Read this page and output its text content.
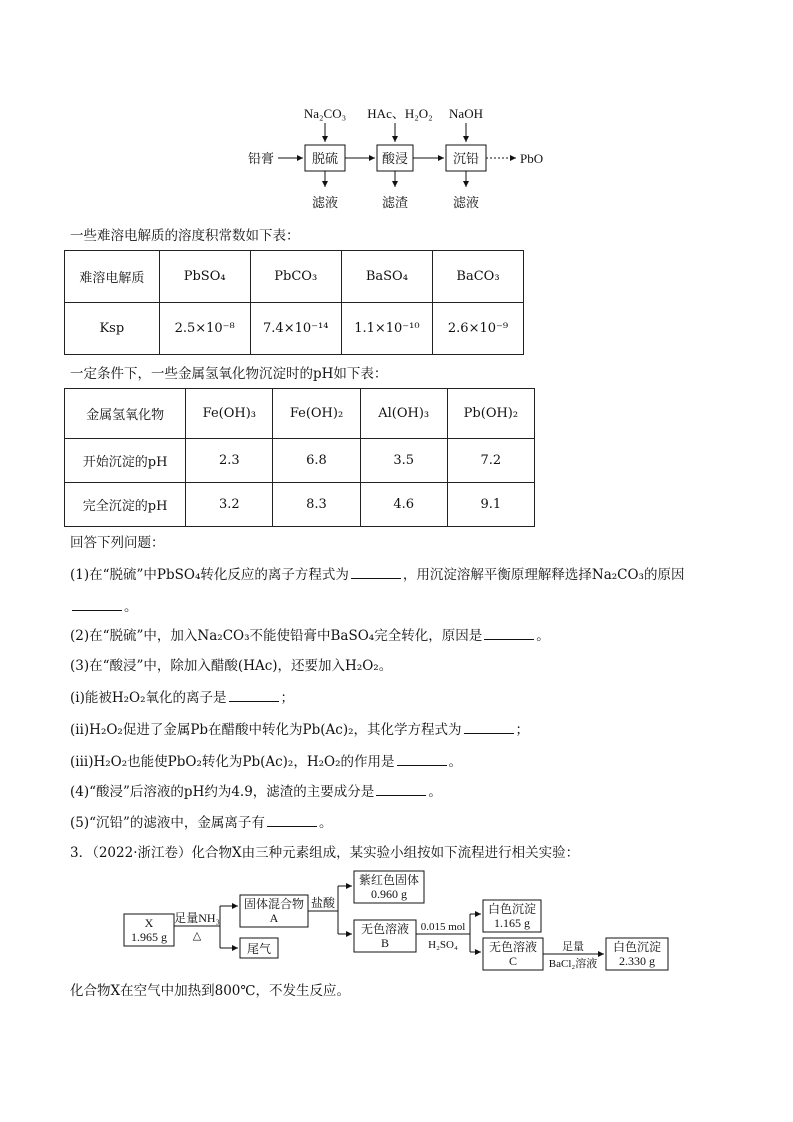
Na₂CO₃ HAc、H₂O₂ NaOH
铅膏	脱硫	酸浸	沉铅	PbO
滤液	滤渣	滤液
一些难溶电解质的溶度积常数如下表：
难溶电解质	PbSO₄	PbCO₃	BaSO₄	BaCO₃
Ksp	2.5×10⁻⁸	7.4×10⁻¹⁴	1.1×10⁻¹⁰	2.6×10⁻⁹
一定条件下，一些金属氢氧化物沉淀时的pH如下表：
金属氢氧化物	Fe(OH)₃	Fe(OH)₂	Al(OH)₃	Pb(OH)₂
开始沉淀的pH	2.3	6.8	3.5	7.2
完全沉淀的pH	3.2	8.3	4.6	9.1
回答下列问题：
(1)在“脱硫”中PbSO₄转化反应的离子方程式为	，用沉淀溶解平衡原理解释选择Na₂CO₃的原因
。
(2)在“脱硫”中，加入Na₂CO₃不能使铅膏中BaSO₄完全转化，原因是	。
(3)在“酸浸”中，除加入醋酸(HAc)，还要加入H₂O₂。
(ⅰ)能被H₂O₂氧化的离子是	；
(ⅱ)H₂O₂促进了金属Pb在醋酸中转化为Pb(Ac)₂，其化学方程式为	；
(ⅲ)H₂O₂也能使PbO₂转化为Pb(Ac)₂，H₂O₂的作用是	。
(4)“酸浸”后溶液的pH约为4.9，滤渣的主要成分是	。
(5)“沉铅”的滤液中，金属离子有	。
3．（2022·浙江卷）化合物X由三种元素组成，某实验小组按如下流程进行相关实验：
X
1.965 g
足量NH₃
△
固体混合物
A
尾气
盐酸
紫红色固体
0.960 g
无色溶液
B
0.015 mol
H₂SO₄
白色沉淀
1.165 g
无色溶液
C
足量
BaCl₂溶液
白色沉淀
2.330 g
化合物X在空气中加热到800℃，不发生反应。
